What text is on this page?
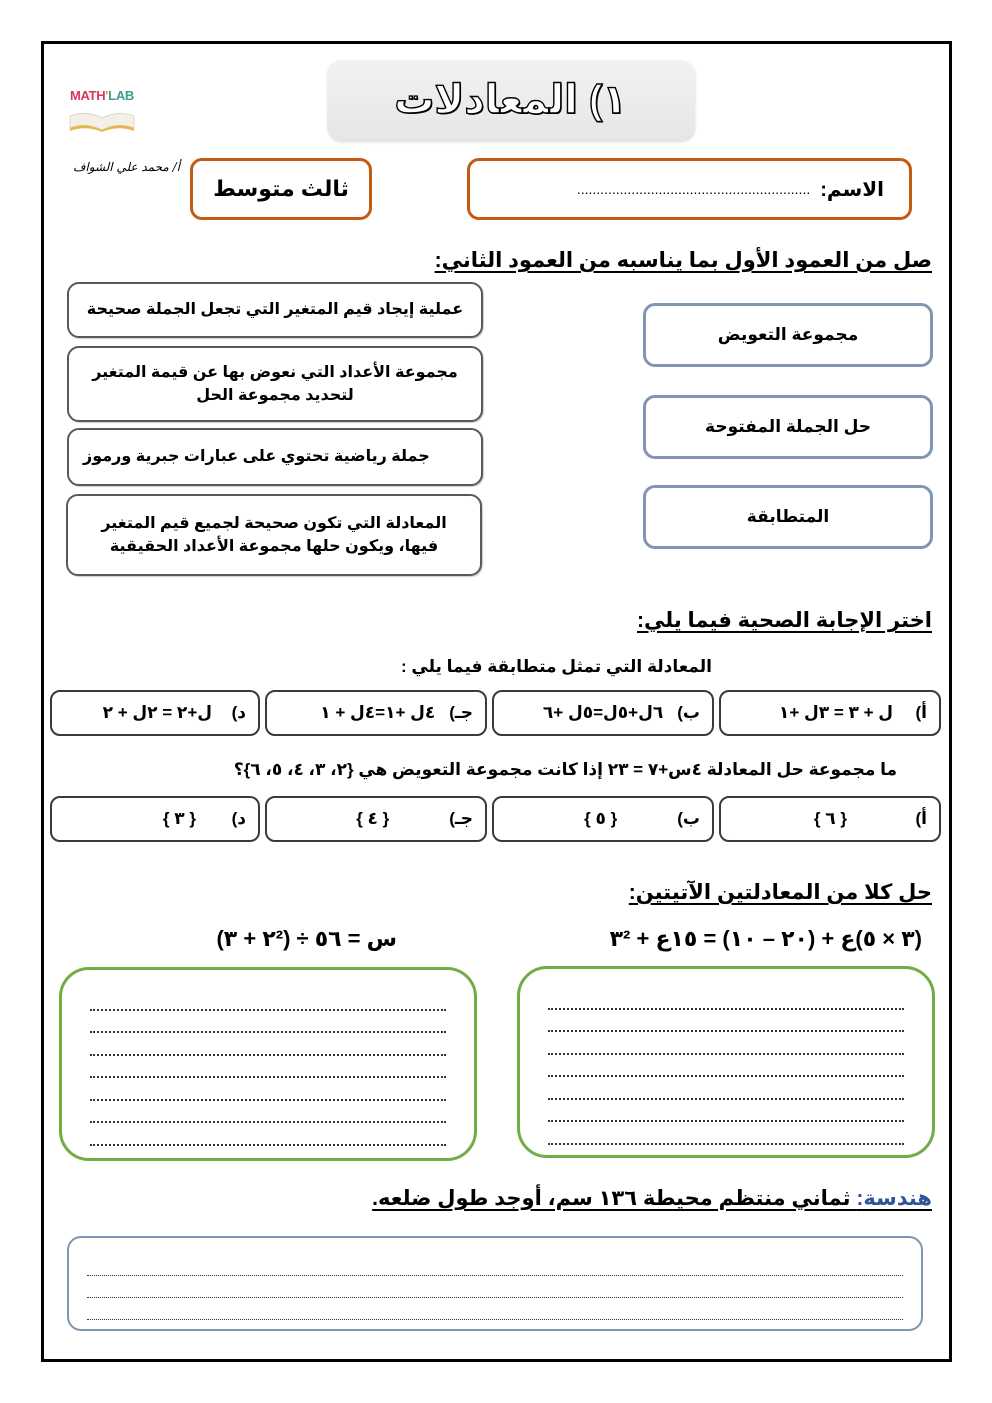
MATH'LAB
أ/ محمد علي الشواف
١) المعادلات
ثالث متوسط	الاسم:
............................................................
صل من العمود الأول بما يناسبه من العمود الثاني:
عملية إيجاد قيم المتغير التي تجعل الجملة صحيحة
مجموعة الأعداد التي نعوض بها عن قيمة المتغير لتحديد مجموعة الحل
جملة رياضية تحتوي على عبارات جبرية ورموز
المعادلة التي تكون صحيحة لجميع قيم المتغير فيها، ويكون حلها مجموعة الأعداد الحقيقية
مجموعة التعويض
حل الجملة المفتوحة
المتطابقة
اختر الإجابة الصحية فيما يلي:
المعادلة التي تمثل متطابقة فيما يلي :
أ)
ل + ٣ = ٣ل +١
ب)
٦ل+٥ل=٥ل +٦
جـ)
٤ل +١=٤ل + ١
د)
ل+٢ = ٢ل + ٢
ما مجموعة حل المعادلة ٤س+٧ = ٢٣ إذا كانت مجموعة التعويض هي {٢، ٣، ٤، ٥، ٦}؟
أ)
{ ٦ }
ب)
{ ٥ }
جـ)
{ ٤ }
د)
{ ٣ }
حل كلا من المعادلتين الآتيتين:
(٣ × ٥)ع + (٢٠ – ١٠) = ١٥ع + ٣²
س = ٥٦ ÷ (٢² + ٣)
هندسة: ثماني منتظم محيطة ١٣٦ سم، أوجد طول ضلعه.
